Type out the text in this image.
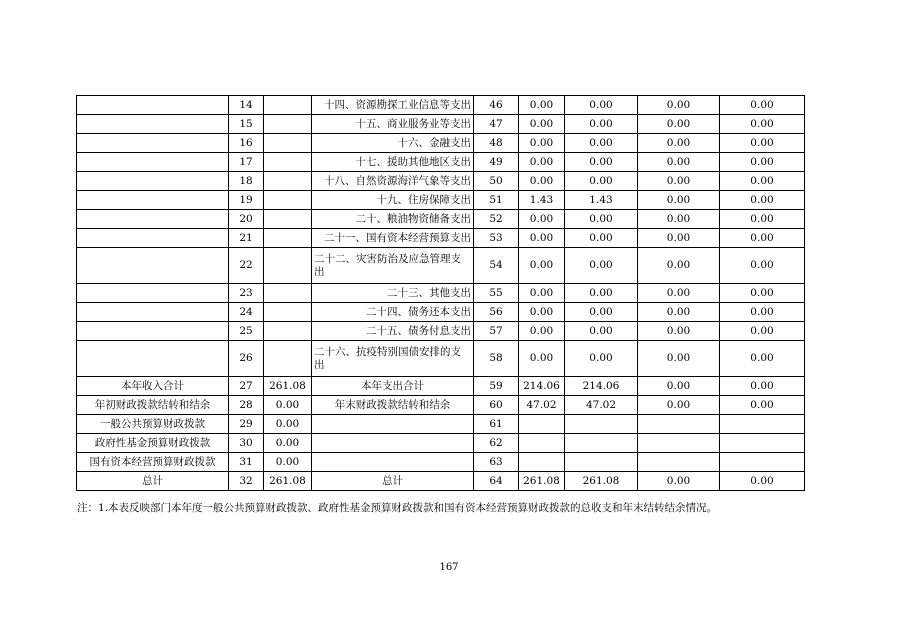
	14		十四、资源勘探工业信息等支出	46	0.00	0.00	0.00	0.00
	15		十五、商业服务业等支出	47	0.00	0.00	0.00	0.00
	16		十六、金融支出	48	0.00	0.00	0.00	0.00
	17		十七、援助其他地区支出	49	0.00	0.00	0.00	0.00
	18		十八、自然资源海洋气象等支出	50	0.00	0.00	0.00	0.00
	19		十九、住房保障支出	51	1.43	1.43	0.00	0.00
	20		二十、粮油物资储备支出	52	0.00	0.00	0.00	0.00
	21		二十一、国有资本经营预算支出	53	0.00	0.00	0.00	0.00
	22		二十二、灾害防治及应急管理支出	54	0.00	0.00	0.00	0.00
	23		二十三、其他支出	55	0.00	0.00	0.00	0.00
	24		二十四、债务还本支出	56	0.00	0.00	0.00	0.00
	25		二十五、债务付息支出	57	0.00	0.00	0.00	0.00
	26		二十六、抗疫特别国债安排的支出	58	0.00	0.00	0.00	0.00
本年收入合计	27	261.08	本年支出合计	59	214.06	214.06	0.00	0.00
年初财政拨款结转和结余	28	0.00	年末财政拨款结转和结余	60	47.02	47.02	0.00	0.00
一般公共预算财政拨款	29	0.00		61				
政府性基金预算财政拨款	30	0.00		62				
国有资本经营预算财政拨款	31	0.00		63				
总计	32	261.08	总计	64	261.08	261.08	0.00	0.00
注：1.本表反映部门本年度一般公共预算财政拨款、政府性基金预算财政拨款和国有资本经营预算财政拨款的总收支和年末结转结余情况。
167
